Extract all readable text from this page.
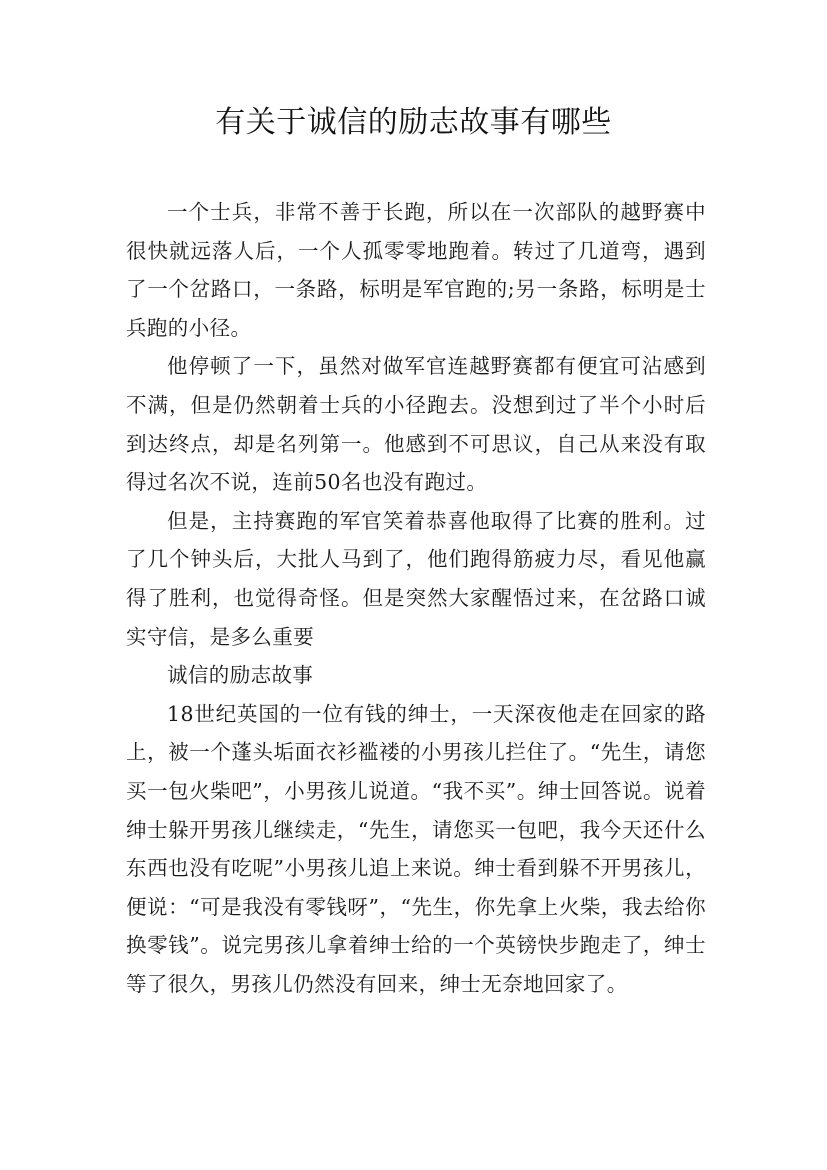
有关于诚信的励志故事有哪些

一个士兵，非常不善于长跑，所以在一次部队的越野赛中很快就远落人后，一个人孤零零地跑着。转过了几道弯，遇到了一个岔路口，一条路，标明是军官跑的;另一条路，标明是士兵跑的小径。

他停顿了一下，虽然对做军官连越野赛都有便宜可沾感到不满，但是仍然朝着士兵的小径跑去。没想到过了半个小时后到达终点，却是名列第一。他感到不可思议，自己从来没有取得过名次不说，连前50名也没有跑过。

但是，主持赛跑的军官笑着恭喜他取得了比赛的胜利。过了几个钟头后，大批人马到了，他们跑得筋疲力尽，看见他赢得了胜利，也觉得奇怪。但是突然大家醒悟过来，在岔路口诚实守信，是多么重要

诚信的励志故事

18世纪英国的一位有钱的绅士，一天深夜他走在回家的路上，被一个蓬头垢面衣衫褴褛的小男孩儿拦住了。“先生，请您买一包火柴吧”，小男孩儿说道。“我不买”。绅士回答说。说着绅士躲开男孩儿继续走，“先生，请您买一包吧，我今天还什么东西也没有吃呢”小男孩儿追上来说。绅士看到躲不开男孩儿，便说：“可是我没有零钱呀”，“先生，你先拿上火柴，我去给你换零钱”。说完男孩儿拿着绅士给的一个英镑快步跑走了，绅士等了很久，男孩儿仍然没有回来，绅士无奈地回家了。
